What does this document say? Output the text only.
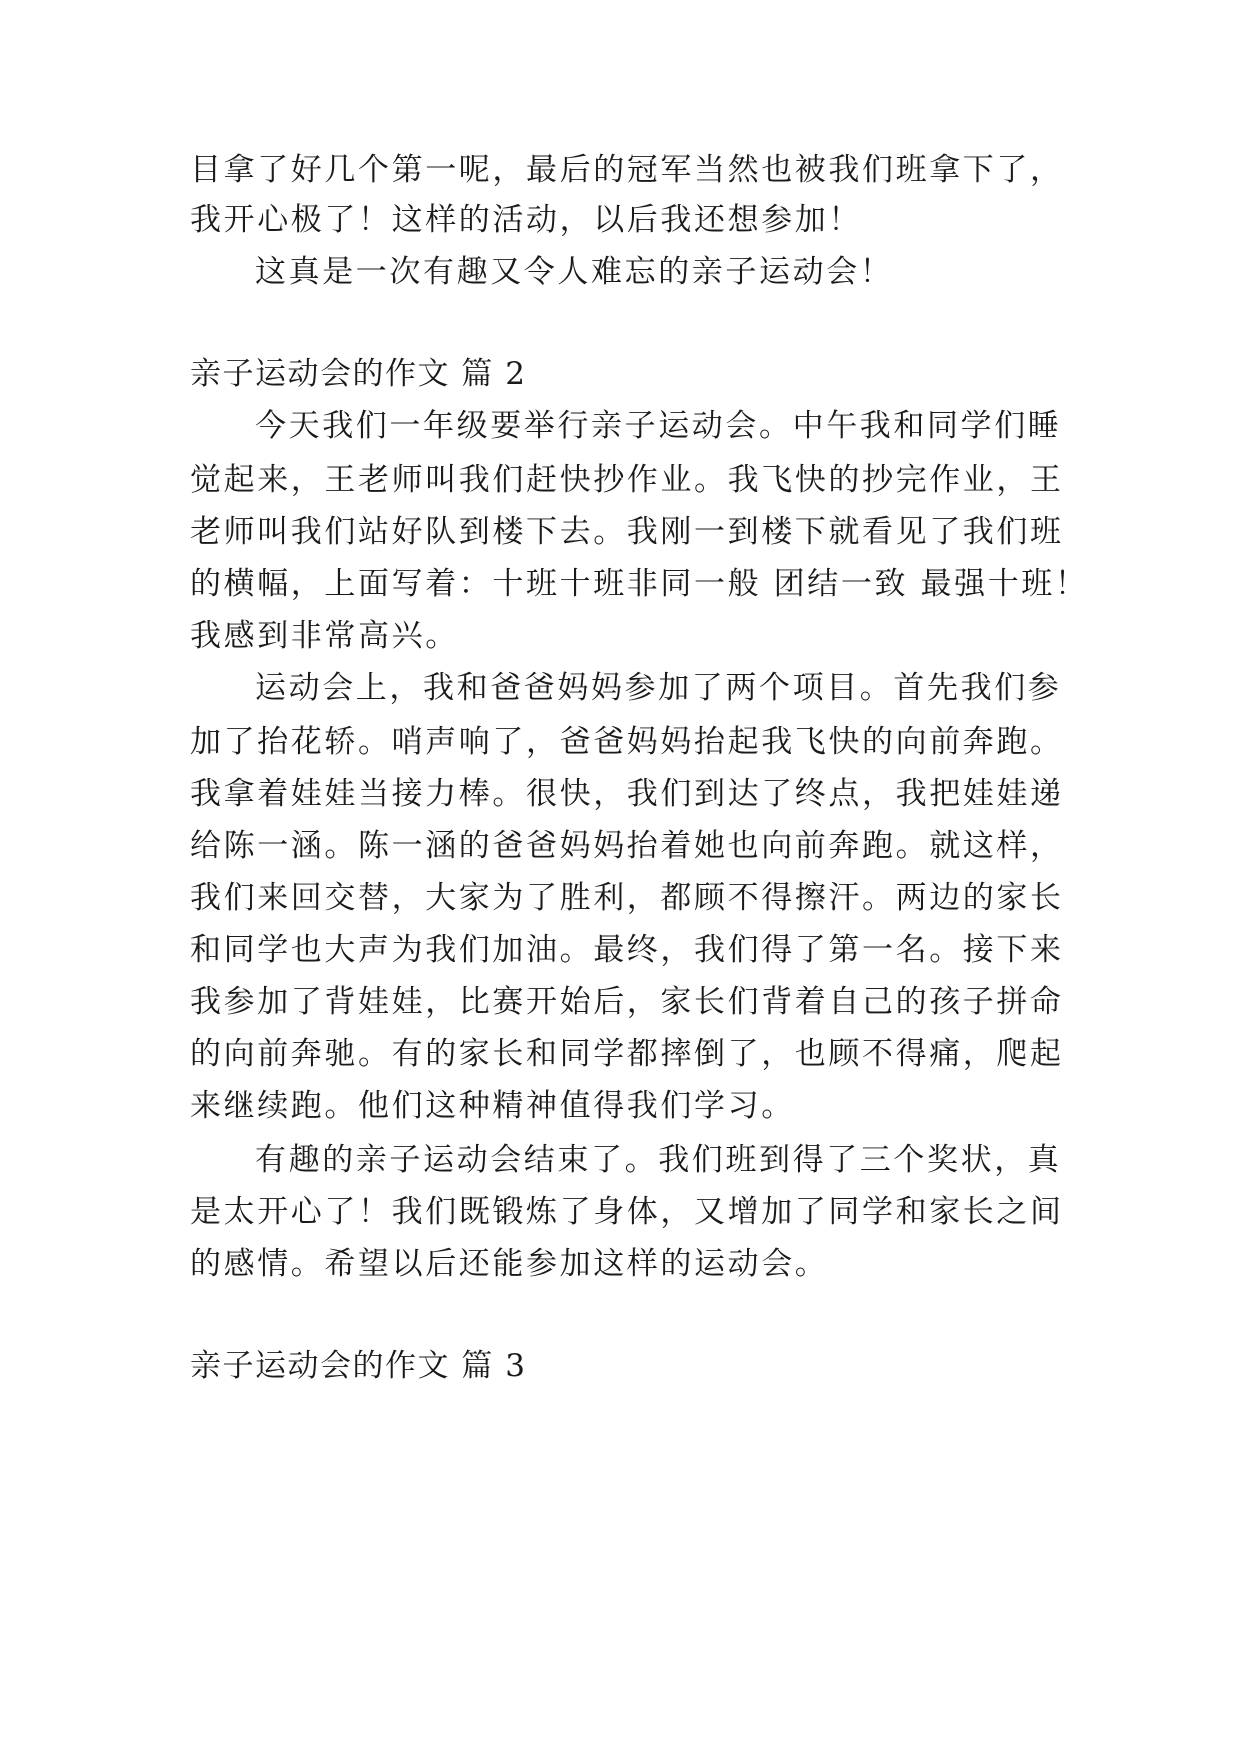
目拿了好几个第一呢，最后的冠军当然也被我们班拿下了，
我开心极了！这样的活动，以后我还想参加！
这真是一次有趣又令人难忘的亲子运动会！
亲子运动会的作文 篇 2
今天我们一年级要举行亲子运动会。中午我和同学们睡
觉起来，王老师叫我们赶快抄作业。我飞快的抄完作业，王
老师叫我们站好队到楼下去。我刚一到楼下就看见了我们班
的横幅，上面写着：十班十班非同一般 团结一致 最强十班！
我感到非常高兴。
运动会上，我和爸爸妈妈参加了两个项目。首先我们参
加了抬花轿。哨声响了，爸爸妈妈抬起我飞快的向前奔跑。
我拿着娃娃当接力棒。很快，我们到达了终点，我把娃娃递
给陈一涵。陈一涵的爸爸妈妈抬着她也向前奔跑。就这样，
我们来回交替，大家为了胜利，都顾不得擦汗。两边的家长
和同学也大声为我们加油。最终，我们得了第一名。接下来
我参加了背娃娃，比赛开始后，家长们背着自己的孩子拼命
的向前奔驰。有的家长和同学都摔倒了，也顾不得痛，爬起
来继续跑。他们这种精神值得我们学习。
有趣的亲子运动会结束了。我们班到得了三个奖状，真
是太开心了！我们既锻炼了身体，又增加了同学和家长之间
的感情。希望以后还能参加这样的运动会。
亲子运动会的作文 篇 3
